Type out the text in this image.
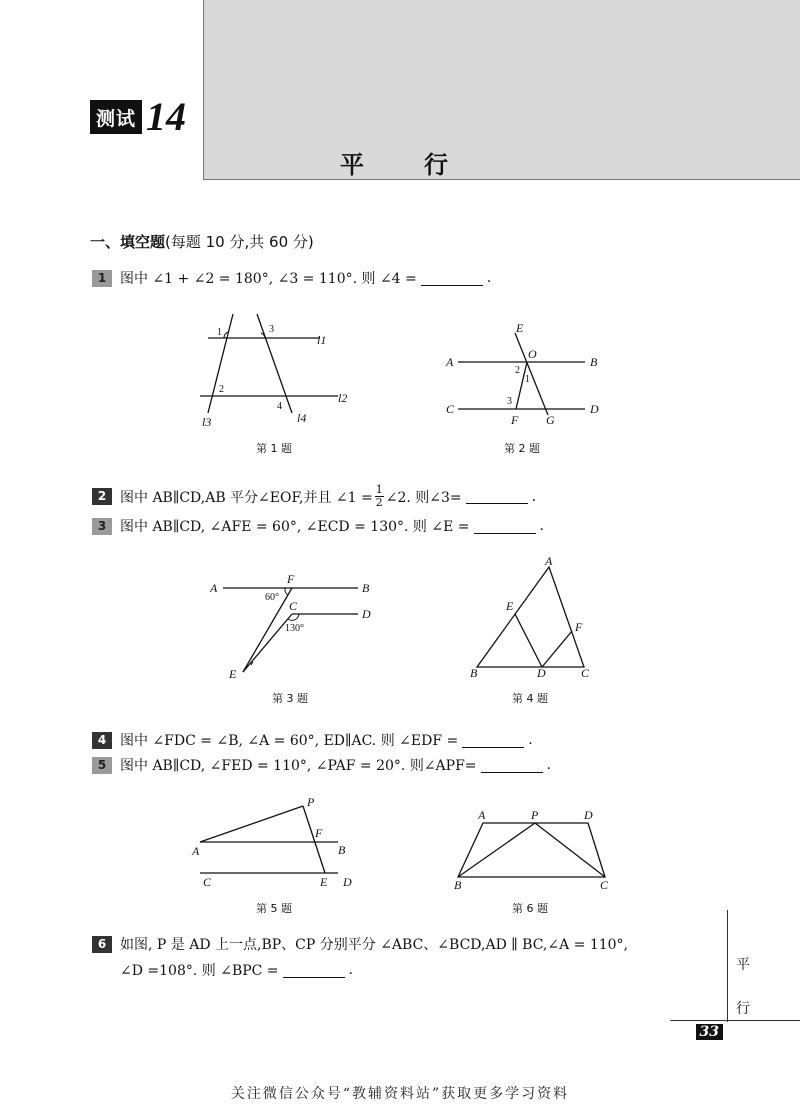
测试 14
平行
一、填空题(每题 10 分,共 60 分)
1 图中 ∠1 + ∠2 = 180°, ∠3 = 110°. 则 ∠4 =	.
1	3
l1
2
4
l2
l3	l4
第 1 题
E
A
O
B
2
1
C
3
F G
D
第 2 题
2 图中 AB∥CD,AB 平分∠EOF,并且 ∠1 = $\frac{1}{2}$ ∠2. 则∠3=	.
3 图中 AB∥CD, ∠AFE = 60°, ∠ECD = 130°. 则 ∠E =	.
A
F
B
60°
C
D
130°
E
第 3 题
A
E
F
B	D	C
第 4 题
4 图中 ∠FDC = ∠B, ∠A = 60°, ED∥AC. 则 ∠EDF =	.
5 图中 AB∥CD, ∠FED = 110°, ∠PAF = 20°. 则∠APF=	.
P
F
A	B
C	E D
第 5 题
A	P	D
B	C
第 6 题
6 如图, P 是 AD 上一点,BP、CP 分别平分 ∠ABC、∠BCD,AD ∥ BC,∠A = 110°,
∠D =108°. 则 ∠BPC =	.	平
行
33
关注微信公众号“教辅资料站”获取更多学习资料
